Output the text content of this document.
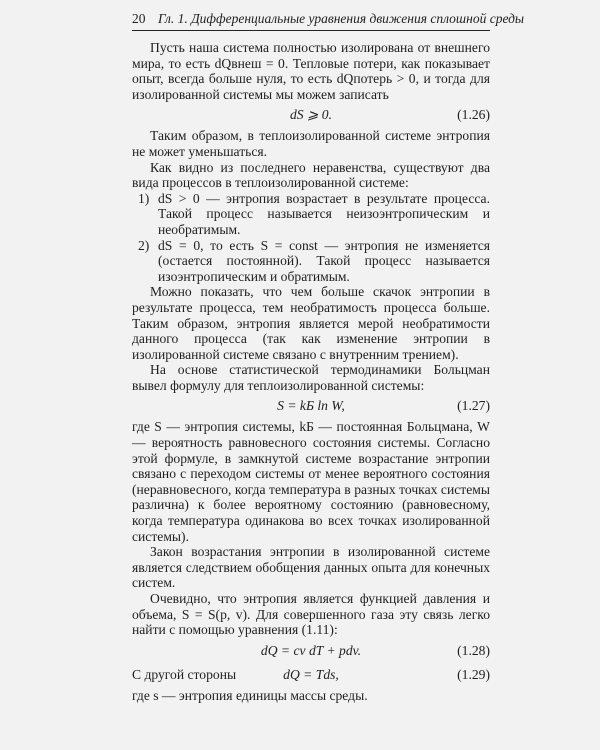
20 Гл. 1. Дифференциальные уравнения движения сплошной среды

Пусть наша система полностью изолирована от внешнего мира, то есть dQвнеш = 0. Тепловые потери, как показывает опыт, всегда больше нуля, то есть dQпотерь > 0, и тогда для изолированной системы мы можем записать

dS ⩾ 0.	(1.26)

Таким образом, в теплоизолированной системе энтропия не может уменьшаться.

Как видно из последнего неравенства, существуют два вида процессов в теплоизолированной системе:

1) dS > 0 — энтропия возрастает в результате процесса. Такой процесс называется неизоэнтропическим и необратимым.
2) dS = 0, то есть S = const — энтропия не изменяется (остается постоянной). Такой процесс называется изоэнтропическим и обратимым.

Можно показать, что чем больше скачок энтропии в результате процесса, тем необратимость процесса больше. Таким образом, энтропия является мерой необратимости данного процесса (так как изменение энтропии в изолированной системе связано с внутренним трением).

На основе статистической термодинамики Больцман вывел формулу для теплоизолированной системы:

S = kБ ln W,	(1.27)

где S — энтропия системы, kБ — постоянная Больцмана, W — вероятность равновесного состояния системы. Согласно этой формуле, в замкнутой системе возрастание энтропии связано с переходом системы от менее вероятного состояния (неравновесного, когда температура в разных точках системы различна) к более вероятному состоянию (равновесному, когда температура одинакова во всех точках изолированной системы).

Закон возрастания энтропии в изолированной системе является следствием обобщения данных опыта для конечных систем.

Очевидно, что энтропия является функцией давления и объема, S = S(p, v). Для совершенного газа эту связь легко найти с помощью уравнения (1.11):

dQ = cv dT + pdv.	(1.28)
С другой стороны	dQ = Tds,	(1.29)

где s — энтропия единицы массы среды.
